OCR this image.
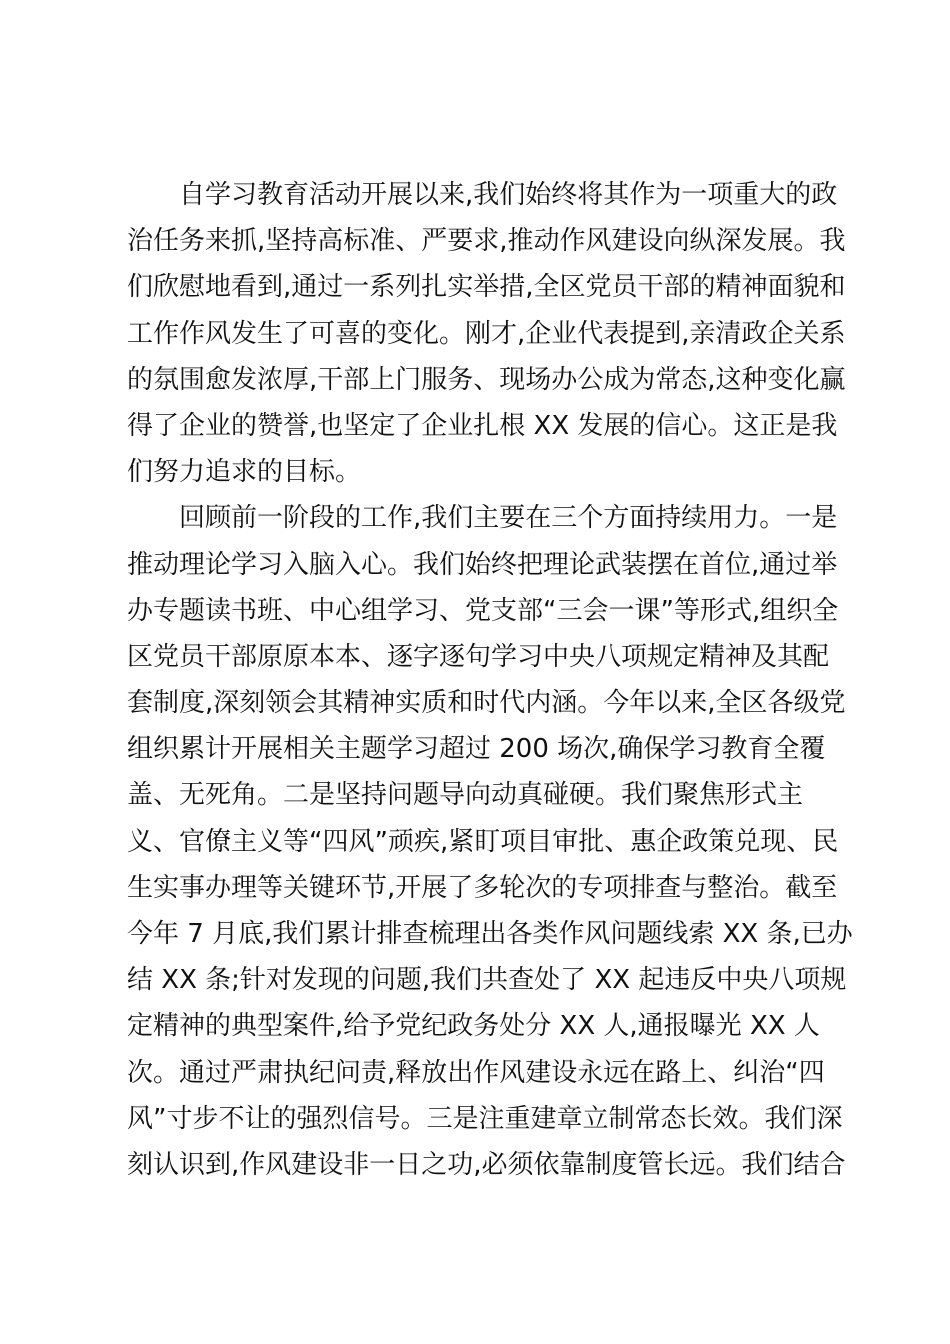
自学习教育活动开展以来,我们始终将其作为一项重大的政
治任务来抓,坚持高标准、严要求,推动作风建设向纵深发展。我
们欣慰地看到,通过一系列扎实举措,全区党员干部的精神面貌和
工作作风发生了可喜的变化。刚才,企业代表提到,亲清政企关系
的氛围愈发浓厚,干部上门服务、现场办公成为常态,这种变化赢
得了企业的赞誉,也坚定了企业扎根 XX 发展的信心。这正是我
们努力追求的目标。
回顾前一阶段的工作,我们主要在三个方面持续用力。一是
推动理论学习入脑入心。我们始终把理论武装摆在首位,通过举
办专题读书班、中心组学习、党支部“三会一课”等形式,组织全
区党员干部原原本本、逐字逐句学习中央八项规定精神及其配
套制度,深刻领会其精神实质和时代内涵。今年以来,全区各级党
组织累计开展相关主题学习超过 200 场次,确保学习教育全覆
盖、无死角。二是坚持问题导向动真碰硬。我们聚焦形式主
义、官僚主义等“四风”顽疾,紧盯项目审批、惠企政策兑现、民
生实事办理等关键环节,开展了多轮次的专项排查与整治。截至
今年 7 月底,我们累计排查梳理出各类作风问题线索 XX 条,已办
结 XX 条;针对发现的问题,我们共查处了 XX 起违反中央八项规
定精神的典型案件,给予党纪政务处分 XX 人,通报曝光 XX 人
次。通过严肃执纪问责,释放出作风建设永远在路上、纠治“四
风”寸步不让的强烈信号。三是注重建章立制常态长效。我们深
刻认识到,作风建设非一日之功,必须依靠制度管长远。我们结合
